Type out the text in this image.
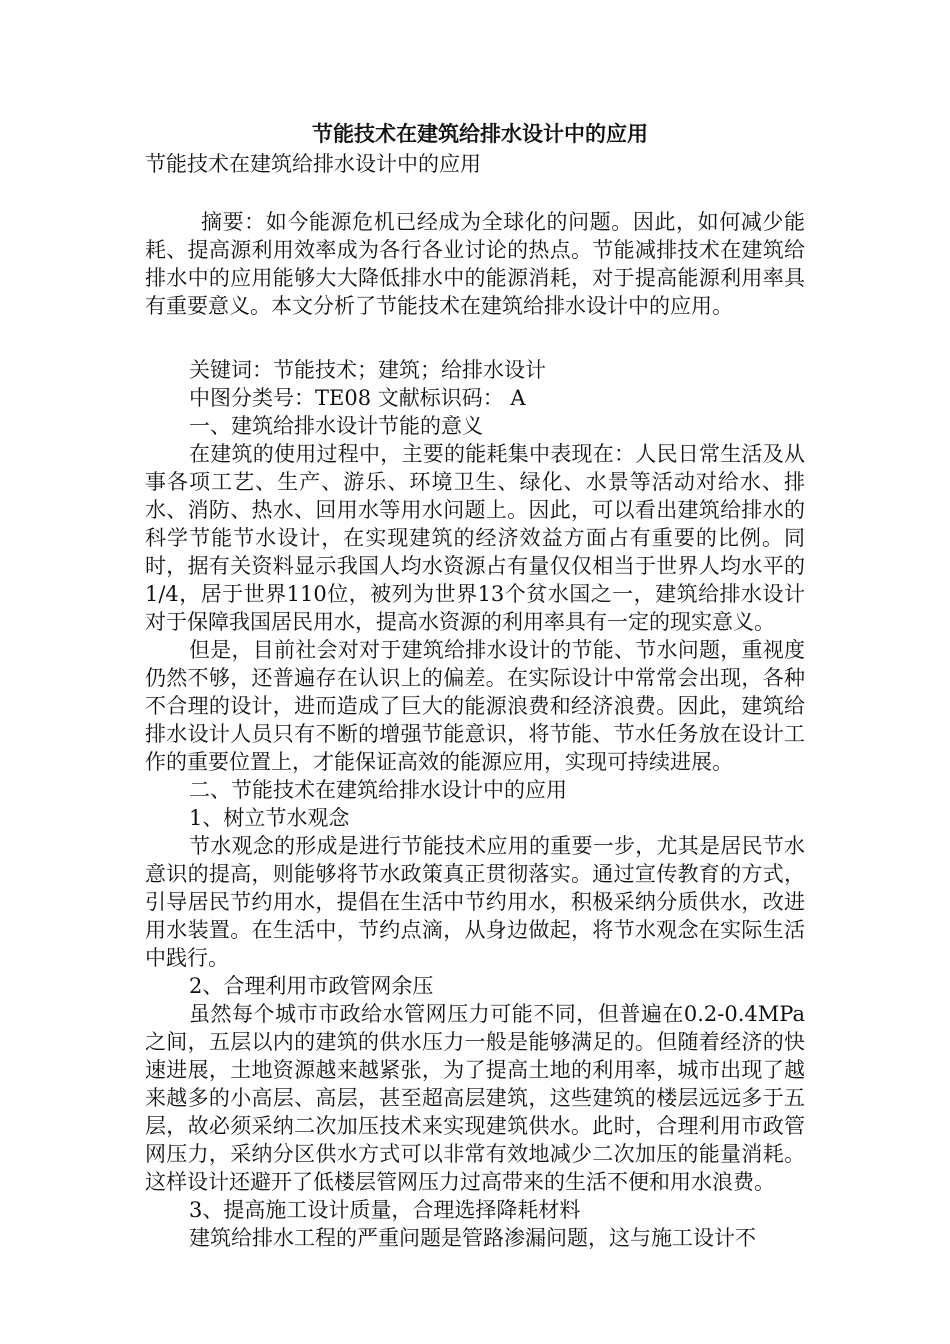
节能技术在建筑给排水设计中的应用

节能技术在建筑给排水设计中的应用

摘要：如今能源危机已经成为全球化的问题。因此，如何减少能耗、提高源利用效率成为各行各业讨论的热点。节能减排技术在建筑给排水中的应用能够大大降低排水中的能源消耗，对于提高能源利用率具有重要意义。本文分析了节能技术在建筑给排水设计中的应用。

关键词：节能技术；建筑；给排水设计

中图分类号：TE08 文献标识码： A

一、建筑给排水设计节能的意义

在建筑的使用过程中，主要的能耗集中表现在：人民日常生活及从事各项工艺、生产、游乐、环境卫生、绿化、水景等活动对给水、排水、消防、热水、回用水等用水问题上。因此，可以看出建筑给排水的科学节能节水设计，在实现建筑的经济效益方面占有重要的比例。同时，据有关资料显示我国人均水资源占有量仅仅相当于世界人均水平的1/4，居于世界110位，被列为世界13个贫水国之一，建筑给排水设计对于保障我国居民用水，提高水资源的利用率具有一定的现实意义。

但是，目前社会对对于建筑给排水设计的节能、节水问题，重视度仍然不够，还普遍存在认识上的偏差。在实际设计中常常会出现，各种不合理的设计，进而造成了巨大的能源浪费和经济浪费。因此，建筑给排水设计人员只有不断的增强节能意识，将节能、节水任务放在设计工作的重要位置上，才能保证高效的能源应用，实现可持续进展。

二、节能技术在建筑给排水设计中的应用

1、树立节水观念

节水观念的形成是进行节能技术应用的重要一步，尤其是居民节水意识的提高，则能够将节水政策真正贯彻落实。通过宣传教育的方式，引导居民节约用水，提倡在生活中节约用水，积极采纳分质供水，改进用水装置。在生活中，节约点滴，从身边做起，将节水观念在实际生活中践行。

2、合理利用市政管网余压

虽然每个城市市政给水管网压力可能不同，但普遍在0.2-0.4MPa之间，五层以内的建筑的供水压力一般是能够满足的。但随着经济的快速进展，土地资源越来越紧张，为了提高土地的利用率，城市出现了越来越多的小高层、高层，甚至超高层建筑，这些建筑的楼层远远多于五层，故必须采纳二次加压技术来实现建筑供水。此时，合理利用市政管网压力，采纳分区供水方式可以非常有效地减少二次加压的能量消耗。这样设计还避开了低楼层管网压力过高带来的生活不便和用水浪费。

3、提高施工设计质量，合理选择降耗材料

建筑给排水工程的严重问题是管路渗漏问题，这与施工设计不
